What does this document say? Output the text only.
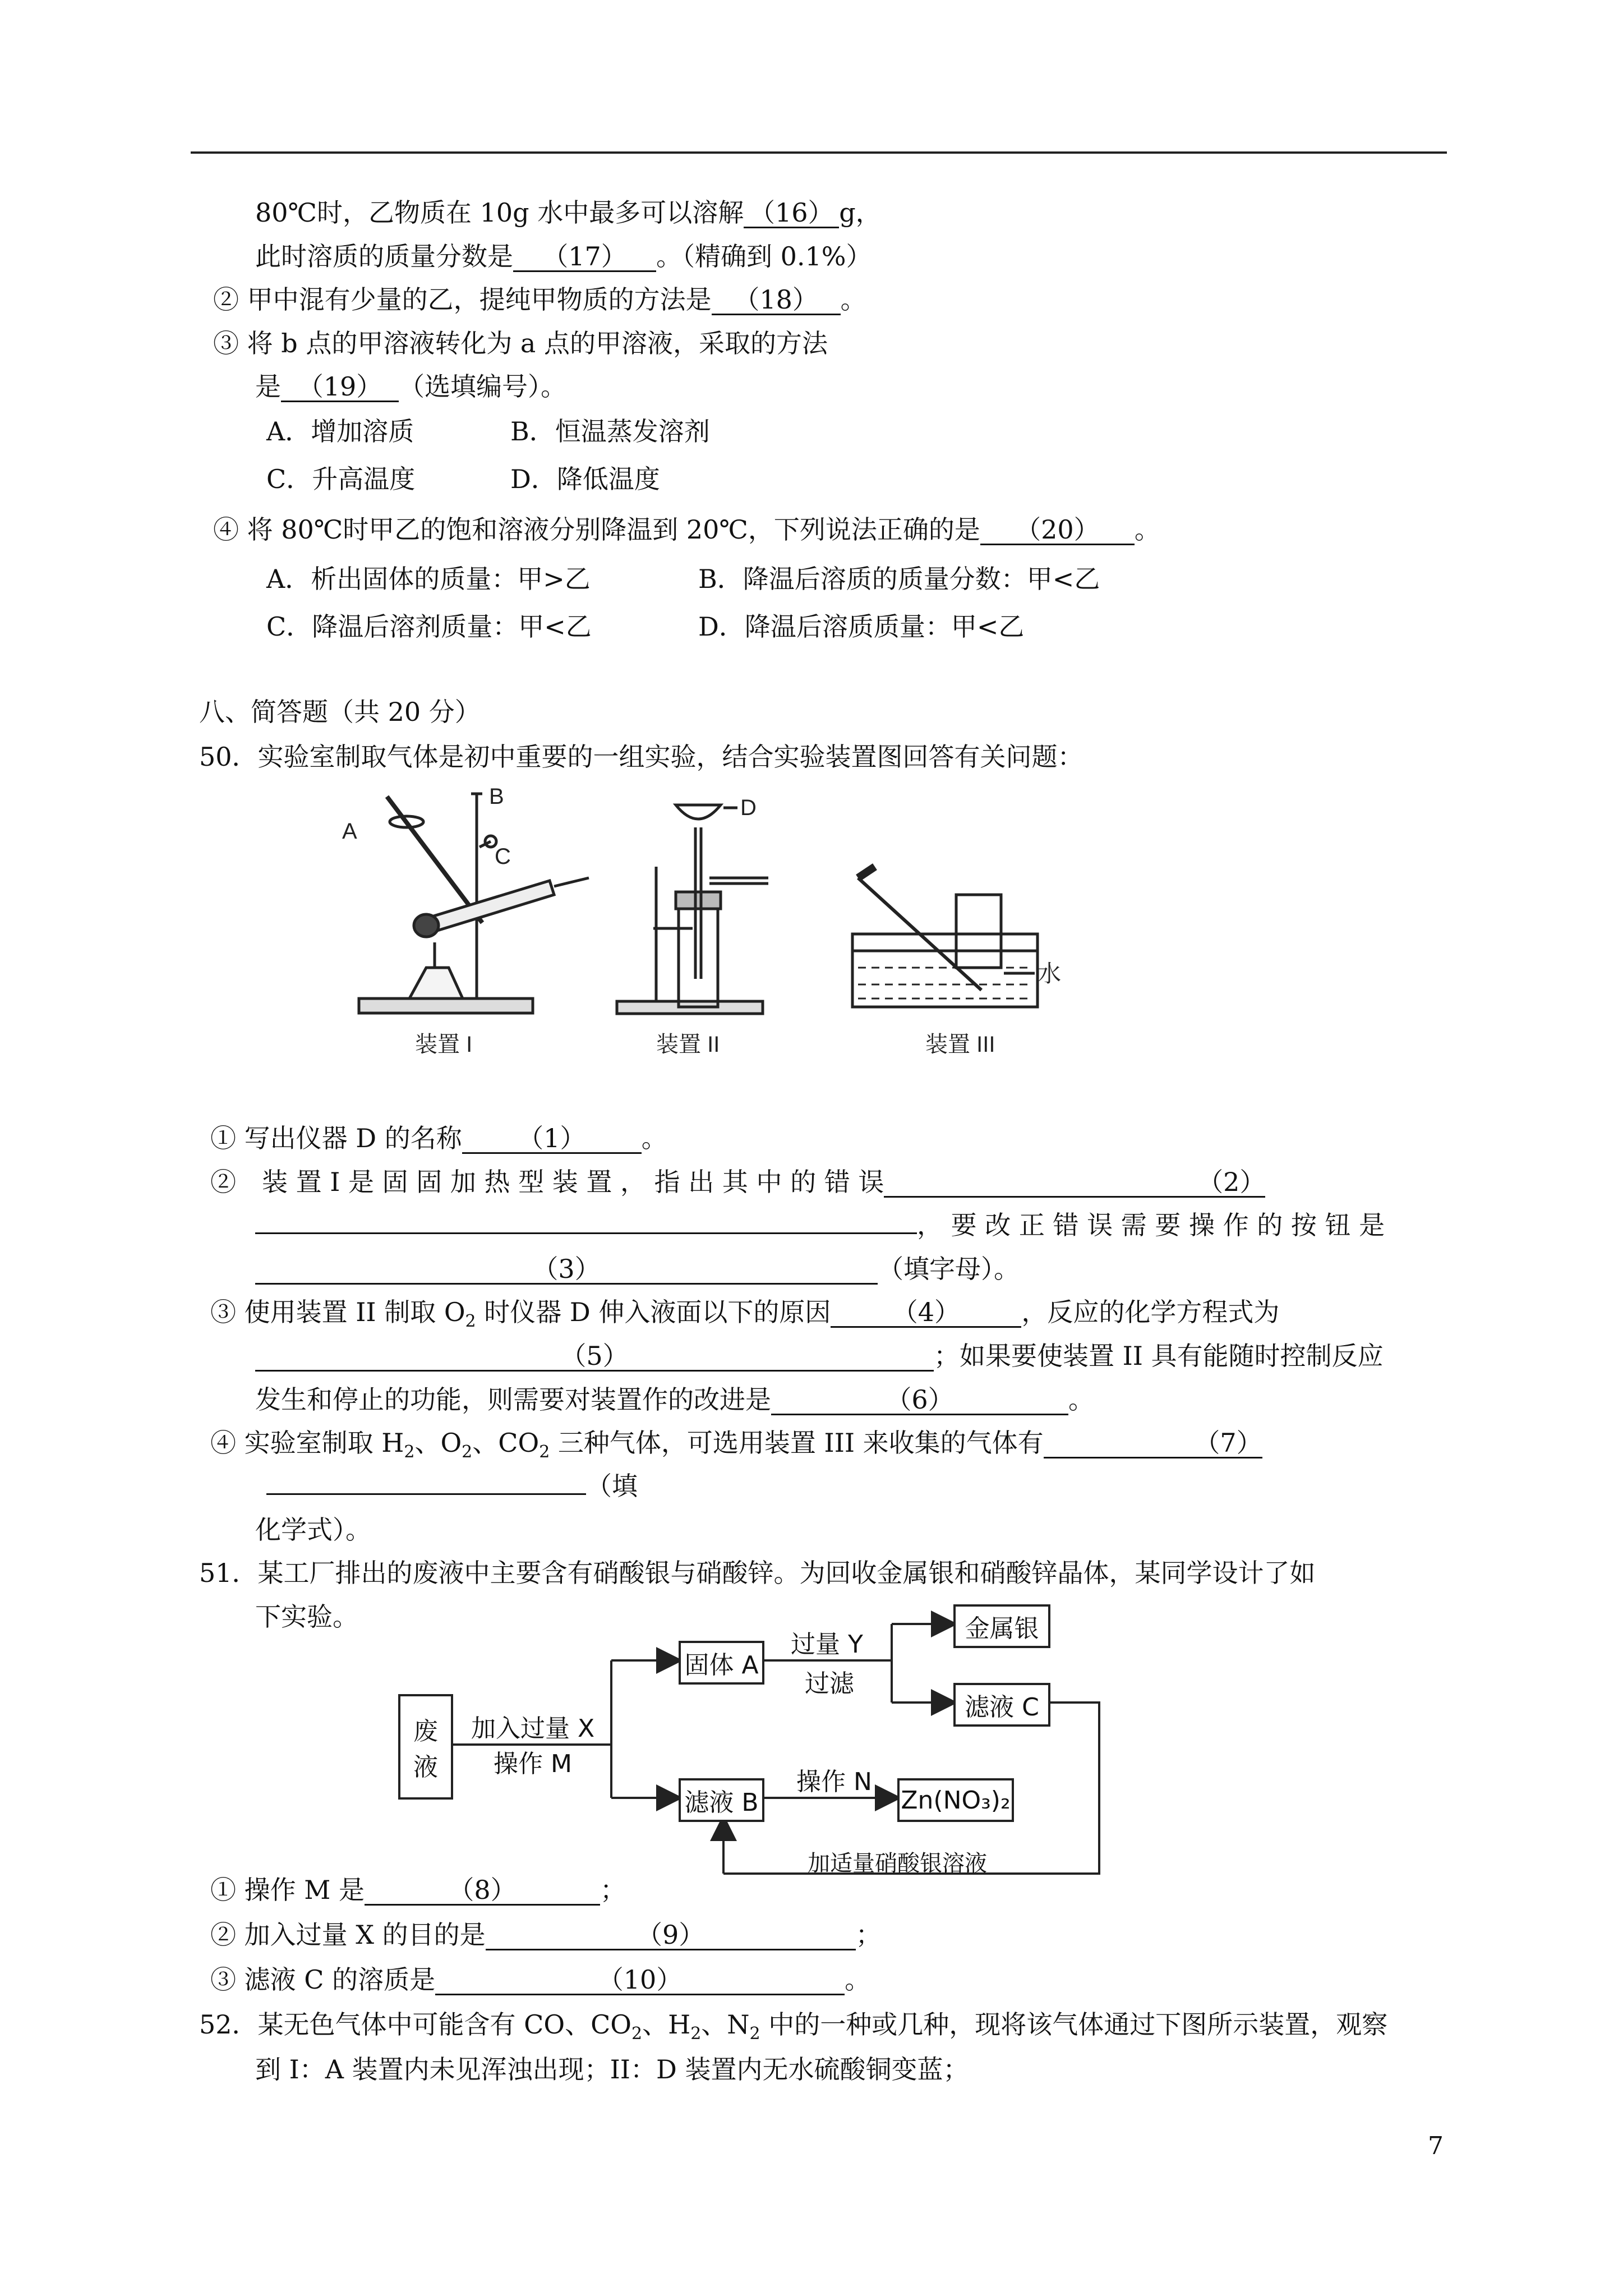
80℃时，乙物质在 10g 水中最多可以溶解 （16） g，
此时溶质的质量分数是 （17） 。（精确到 0.1%）
② 甲中混有少量的乙，提纯甲物质的方法是 （18） 。
③ 将 b 点的甲溶液转化为 a 点的甲溶液，采取的方法
是 （19） （选填编号）。
A．增加溶质	B．恒温蒸发溶剂
C．升高温度	D．降低温度
④ 将 80℃时甲乙的饱和溶液分别降温到 20℃，下列说法正确的是 （20） 。
A．析出固体的质量：甲>乙	B．降温后溶质的质量分数：甲<乙
C．降温后溶剂质量：甲<乙	D．降温后溶质质量：甲<乙
八、简答题（共 20 分）
50．实验室制取气体是初中重要的一组实验，结合实验装置图回答有关问题：
A
B
C
D
水
装置 I	装置 II	装置 III
① 写出仪器 D 的名称 （1） 。
②　装 置 I 是 固 固 加 热 型 装 置 ， 指 出 其 中 的 错 误	（2）
， 要 改 正 错 误 需 要 操 作 的 按 钮 是
（3）	（填字母）。
③ 使用装置 II 制取 $O_2$ 时仪器 D 伸入液面以下的原因 （4） ，反应的化学方程式为
（5）	；如果要使装置 II 具有能随时控制反应
发生和停止的功能，则需要对装置作的改进是	（6）	。
④ 实验室制取 $H_2$、$O_2$、$CO_2$ 三种气体，可选用装置 III 来收集的气体有	（7）
（填
化学式）。
51．某工厂排出的废液中主要含有硝酸银与硝酸锌。为回收金属银和硝酸锌晶体，某同学设计了如
下实验。
废
液
加入过量 X
操作 M
固体 A
过量 Y
过滤
金属银
滤液 C
滤液 B
操作 N
Zn(NO₃)₂
加适量硝酸银溶液
① 操作 M 是	（8）	；
② 加入过量 X 的目的是	（9）	；
③ 滤液 C 的溶质是	（10）	。
52．某无色气体中可能含有 CO、$CO_2$、$H_2$、$N_2$ 中的一种或几种，现将该气体通过下图所示装置，观察
到 I：A 装置内未见浑浊出现；II：D 装置内无水硫酸铜变蓝；
7
